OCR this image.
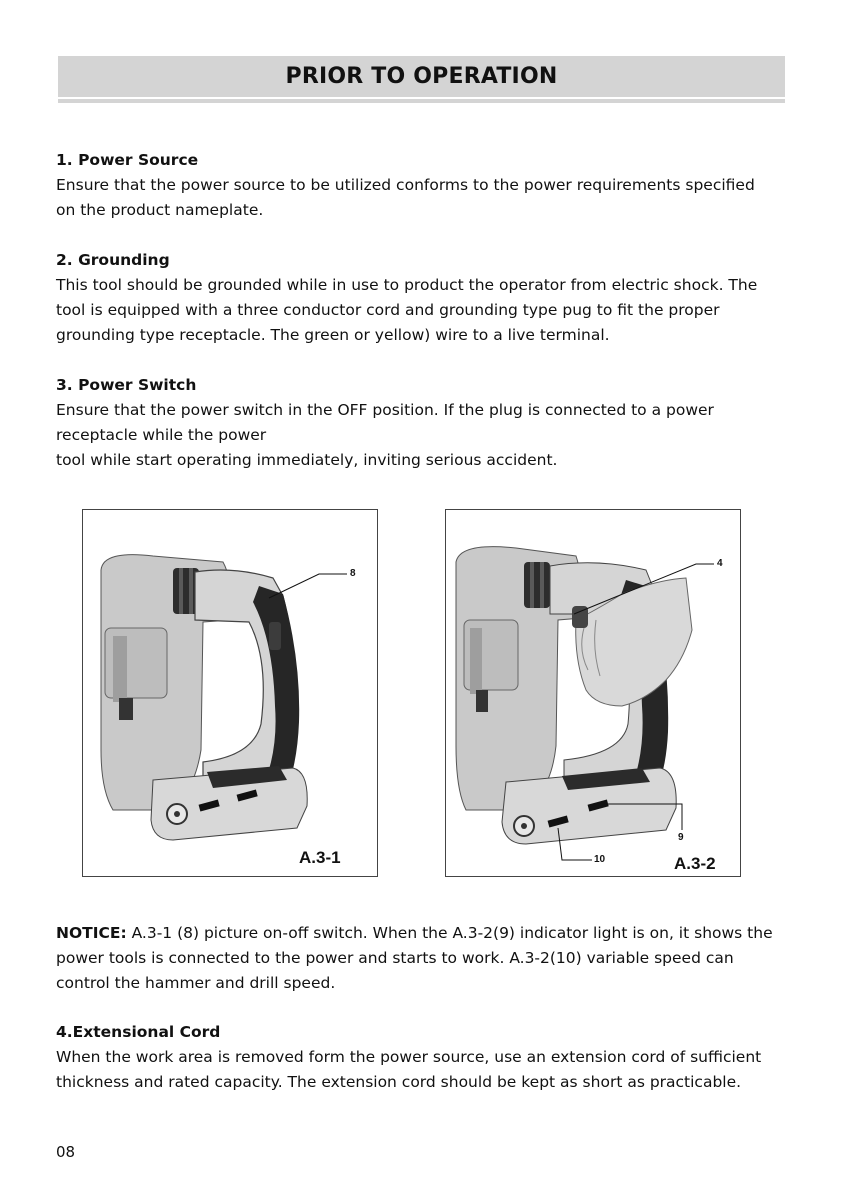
PRIOR TO OPERATION
1. Power Source
Ensure that the power source to be utilized conforms to the power requirements specified
on the product nameplate.
2. Grounding
This tool should be grounded while in use to product the operator from electric shock. The
tool is equipped with a three conductor cord and grounding type pug to fit the proper
grounding type receptacle. The green or yellow) wire to a live terminal.
3. Power Switch
Ensure that the power switch in the OFF position. If the plug is connected to a power
receptacle while the power
tool while start operating immediately, inviting serious accident.
8
A.3-1
4
9
10	A.3-2
NOTICE: A.3-1 (8) picture on-off switch. When the A.3-2(9) indicator light is on, it shows the
power tools is connected to the power and starts to work. A.3-2(10) variable speed can
control the hammer and drill speed.
4.Extensional Cord
When the work area is removed form the power source, use an extension cord of sufficient
thickness and rated capacity. The extension cord should be kept as short as practicable.
08
